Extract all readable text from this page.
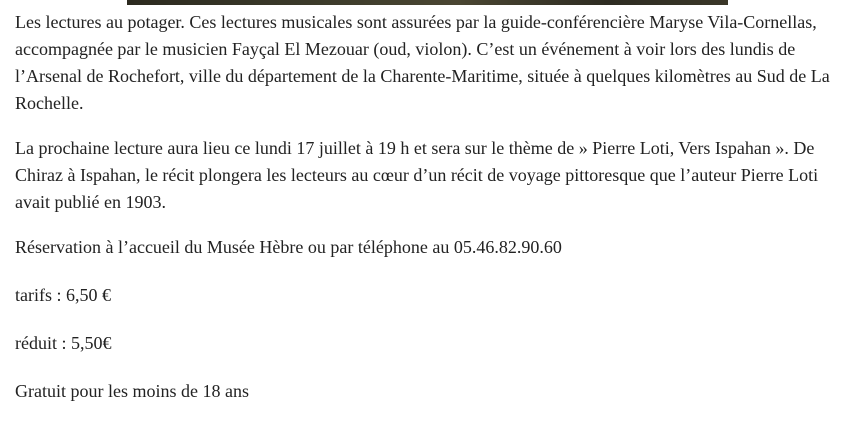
Les lectures au potager. Ces lectures musicales sont assurées par la guide-conférencière Maryse Vila-Cornellas, accompagnée par le musicien Fayçal El Mezouar (oud, violon). C’est un événement à voir lors des lundis de l’Arsenal de Rochefort, ville du département de la Charente-Maritime, située à quelques kilomètres au Sud de La Rochelle.

La prochaine lecture aura lieu ce lundi 17 juillet à 19 h et sera sur le thème de » Pierre Loti, Vers Ispahan ». De Chiraz à Ispahan, le récit plongera les lecteurs au cœur d’un récit de voyage pittoresque que l’auteur Pierre Loti avait publié en 1903.

Réservation à l’accueil du Musée Hèbre ou par téléphone au 05.46.82.90.60

tarifs : 6,50 €

réduit : 5,50€

Gratuit pour les moins de 18 ans
